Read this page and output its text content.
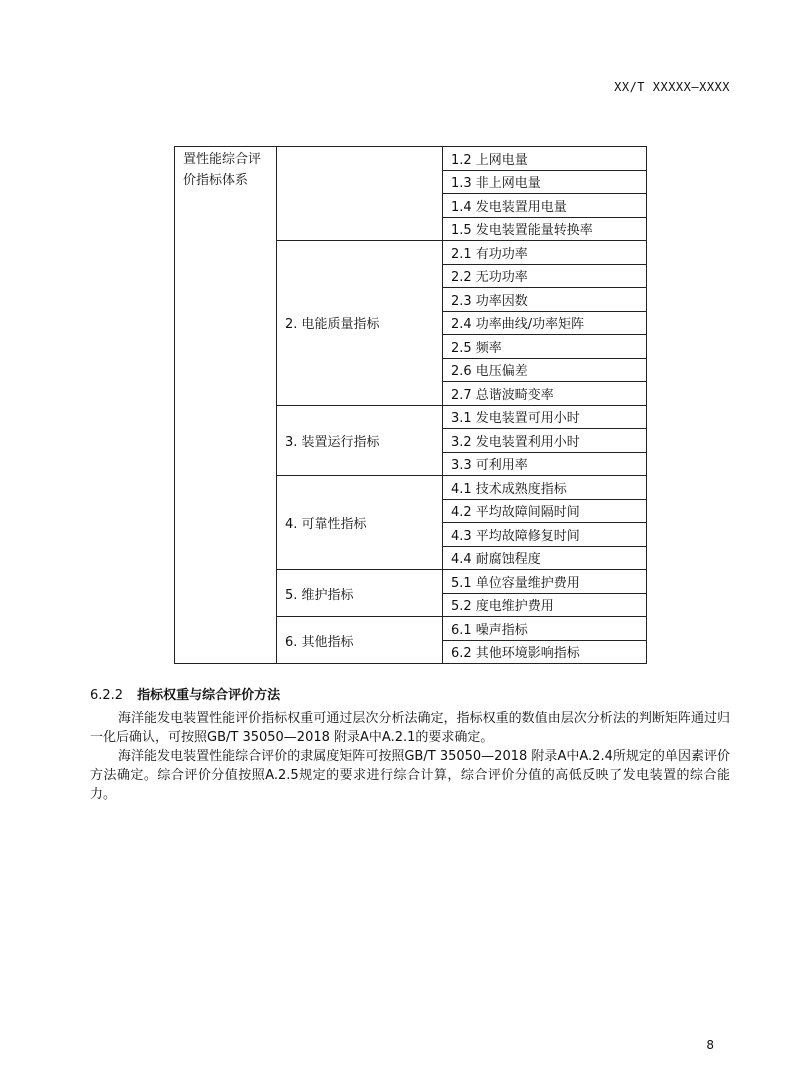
XX/T XXXXX—XXXX
置性能综合评价指标体系		1.2 上网电量
		1.3 非上网电量
		1.4 发电装置用电量
		1.5 发电装置能量转换率
	2. 电能质量指标	2.1 有功功率
		2.2 无功功率
		2.3 功率因数
		2.4 功率曲线/功率矩阵
		2.5 频率
		2.6 电压偏差
		2.7 总谐波畸变率
	3. 装置运行指标	3.1 发电装置可用小时
		3.2 发电装置利用小时
		3.3 可利用率
	4. 可靠性指标	4.1 技术成熟度指标
		4.2 平均故障间隔时间
		4.3 平均故障修复时间
		4.4 耐腐蚀程度
	5. 维护指标	5.1 单位容量维护费用
		5.2 度电维护费用
	6. 其他指标	6.1 噪声指标
		6.2 其他环境影响指标
6.2.2 指标权重与综合评价方法

海洋能发电装置性能评价指标权重可通过层次分析法确定，指标权重的数值由层次分析法的判断矩阵通过归一化后确认，可按照GB/T 35050—2018 附录A中A.2.1的要求确定。

海洋能发电装置性能综合评价的隶属度矩阵可按照GB/T 35050—2018 附录A中A.2.4所规定的单因素评价方法确定。综合评价分值按照A.2.5规定的要求进行综合计算，综合评价分值的高低反映了发电装置的综合能力。

8
